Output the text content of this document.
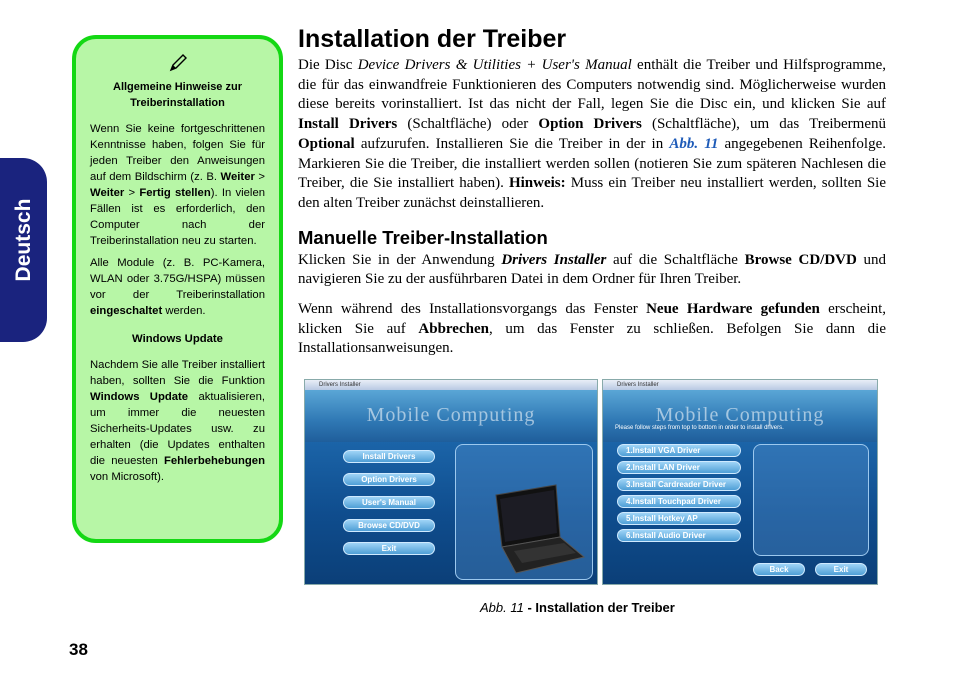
Deutsch
Allgemeine Hinweise zur Treiberinstallation

Wenn Sie keine fortgeschrittenen Kenntnisse haben, folgen Sie für jeden Treiber den Anweisungen auf dem Bildschirm (z. B. Weiter > Weiter > Fertig stellen). In vielen Fällen ist es erforderlich, den Computer nach der Treiberinstallation neu zu starten.

Alle Module (z. B. PC-Kamera, WLAN oder 3.75G/HSPA) müssen vor der Treiberinstallation eingeschaltet werden.

Windows Update

Nachdem Sie alle Treiber installiert haben, sollten Sie die Funktion Windows Update aktualisieren, um immer die neuesten Sicherheits-Updates usw. zu erhalten (die Updates enthalten die neuesten Fehlerbehebungen von Microsoft).

Installation der Treiber

Die Disc Device Drivers & Utilities + User's Manual enthält die Treiber und Hilfsprogramme, die für das einwandfreie Funktionieren des Computers notwendig sind. Möglicherweise wurden diese bereits vorinstalliert. Ist das nicht der Fall, legen Sie die Disc ein, und klicken Sie auf Install Drivers (Schaltfläche) oder Option Drivers (Schaltfläche), um das Treibermenü Optional aufzurufen. Installieren Sie die Treiber in der in Abb. 11 angegebenen Reihenfolge. Markieren Sie die Treiber, die installiert werden sollen (notieren Sie zum späteren Nachlesen die Treiber, die Sie installiert haben). Hinweis: Muss ein Treiber neu installiert werden, sollten Sie den alten Treiber zunächst deinstallieren.

Manuelle Treiber-Installation

Klicken Sie in der Anwendung Drivers Installer auf die Schaltfläche Browse CD/DVD und navigieren Sie zu der ausführbaren Datei in dem Ordner für Ihren Treiber.

Wenn während des Installationsvorgangs das Fenster Neue Hardware gefunden erscheint, klicken Sie auf Abbrechen, um das Fenster zu schließen. Befolgen Sie dann die Installationsanweisungen.

Drivers Installer
Mobile Computing
Install Drivers
Option Drivers
User's Manual
Browse CD/DVD
Exit
Drivers Installer
Mobile Computing
Please follow steps from top to bottom in order to install drivers.
1.Install VGA Driver
2.Install LAN Driver
3.Install Cardreader Driver
4.Install Touchpad Driver
5.Install Hotkey AP
6.Install Audio Driver
Back	Exit
Abb. 11 - Installation der Treiber
38
